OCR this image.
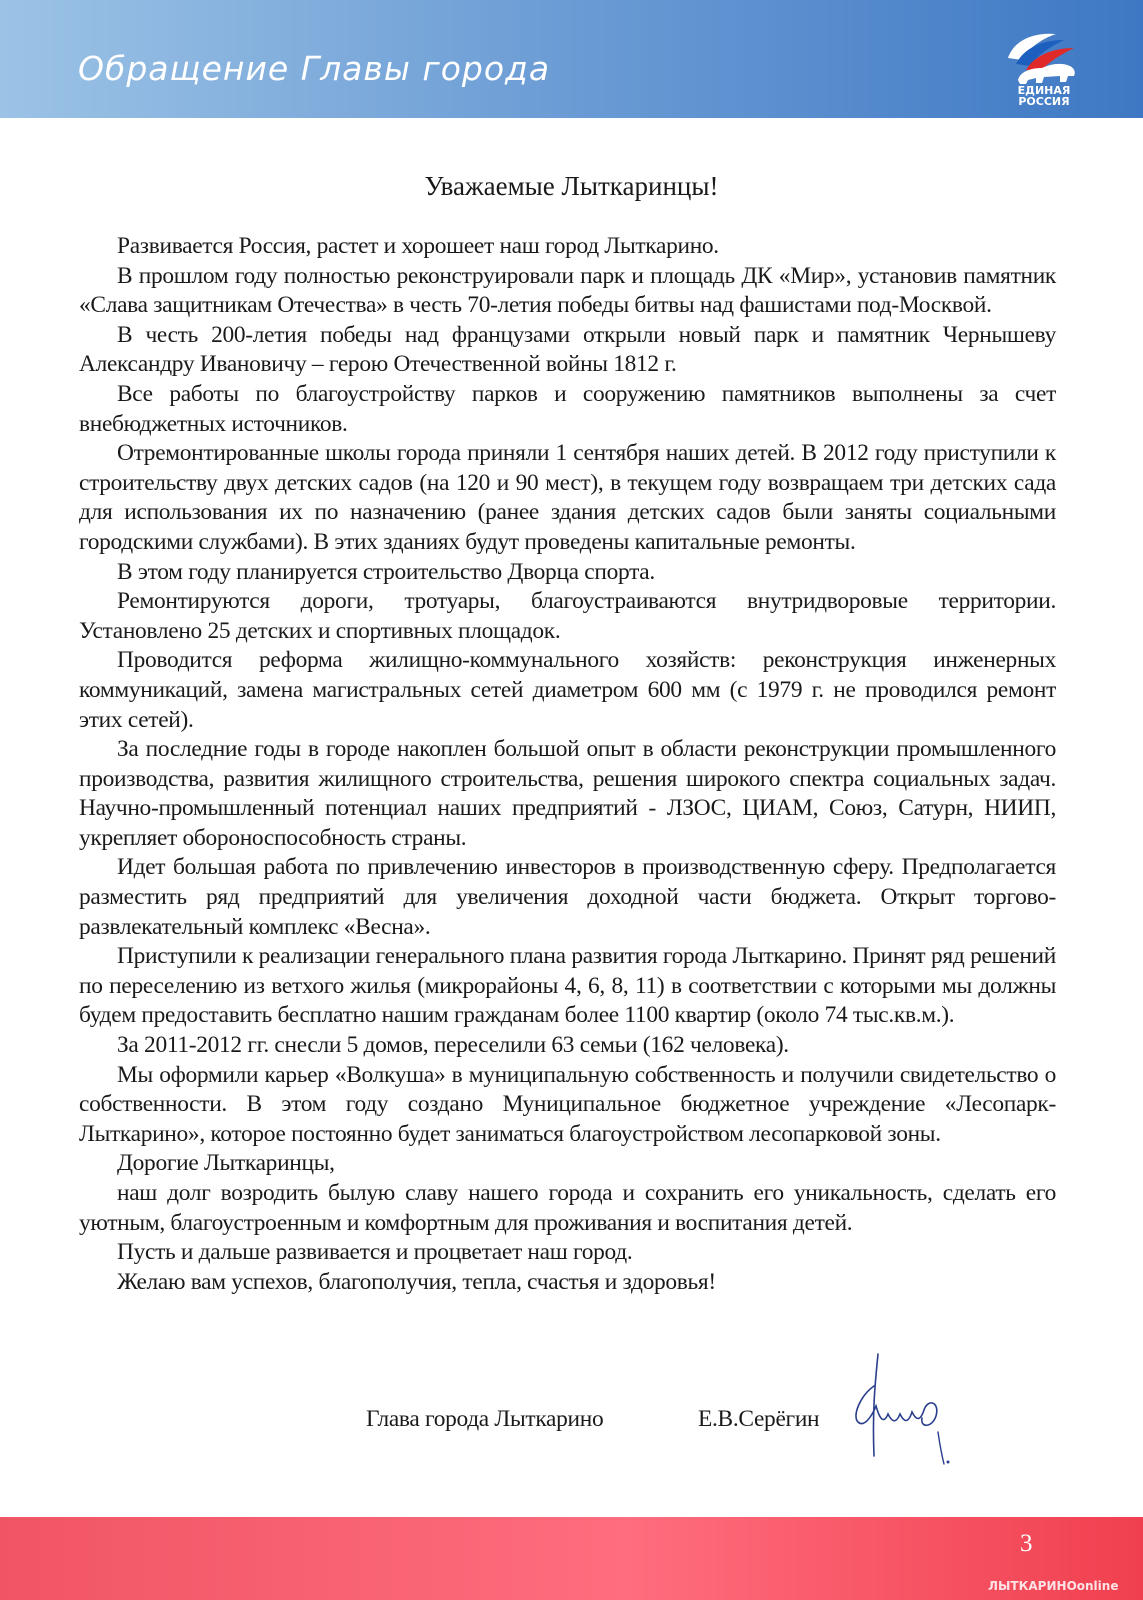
Обращение Главы города
ЕДИНАЯ
РОССИЯ
Уважаемые Лыткаринцы!

Развивается Россия, растет и хорошеет наш город Лыткарино.

В прошлом году полностью реконструировали парк и площадь ДК «Мир», установив памятник «Слава защитникам Отечества» в честь 70-летия победы битвы над фашистами под-Москвой.

В честь 200-летия победы над французами открыли новый парк и памятник Чернышеву Александру Ивановичу – герою Отечественной войны 1812 г.

Все работы по благоустройству парков и сооружению памятников выполнены за счет внебюджетных источников.

Отремонтированные школы города приняли 1 сентября наших детей. В 2012 году приступили к строительству двух детских садов (на 120 и 90 мест), в текущем году возвращаем три детских сада для использования их по назначению (ранее здания детских садов были заняты социальными городскими службами). В этих зданиях будут проведены капитальные ремонты.

В этом году планируется строительство Дворца спорта.

Ремонтируются дороги, тротуары, благоустраиваются внутридворовые территории. Установлено 25 детских и спортивных площадок.

Проводится реформа жилищно-коммунального хозяйств: реконструкция инженерных коммуникаций, замена магистральных сетей диаметром 600 мм (с 1979 г. не проводился ремонт этих сетей).

За последние годы в городе накоплен большой опыт в области реконструкции промышленного производства, развития жилищного строительства, решения широкого спектра социальных задач. Научно-промышленный потенциал наших предприятий - ЛЗОС, ЦИАМ, Союз, Сатурн, НИИП, укрепляет обороноспособность страны.

Идет большая работа по привлечению инвесторов в производственную сферу. Предполагается разместить ряд предприятий для увеличения доходной части бюджета. Открыт торгово-развлекательный комплекс «Весна».

Приступили к реализации генерального плана развития города Лыткарино. Принят ряд решений по переселению из ветхого жилья (микрорайоны 4, 6, 8, 11) в соответствии с которыми мы должны будем предоставить бесплатно нашим гражданам более 1100 квартир (около 74 тыс.кв.м.).

За 2011-2012 гг. снесли 5 домов, переселили 63 семьи (162 человека).

Мы оформили карьер «Волкуша» в муниципальную собственность и получили свидетельство о собственности. В этом году создано Муниципальное бюджетное учреждение «Лесопарк-Лыткарино», которое постоянно будет заниматься благоустройством лесопарковой зоны.

Дорогие Лыткаринцы,

наш долг возродить былую славу нашего города и сохранить его уникальность, сделать его уютным, благоустроенным и комфортным для проживания и воспитания детей.

Пусть и дальше развивается и процветает наш город.

Желаю вам успехов, благополучия, тепла, счастья и здоровья!

Глава города Лыткарино	Е.В.Серёгин
3
ЛЫТКАРИНОonline
